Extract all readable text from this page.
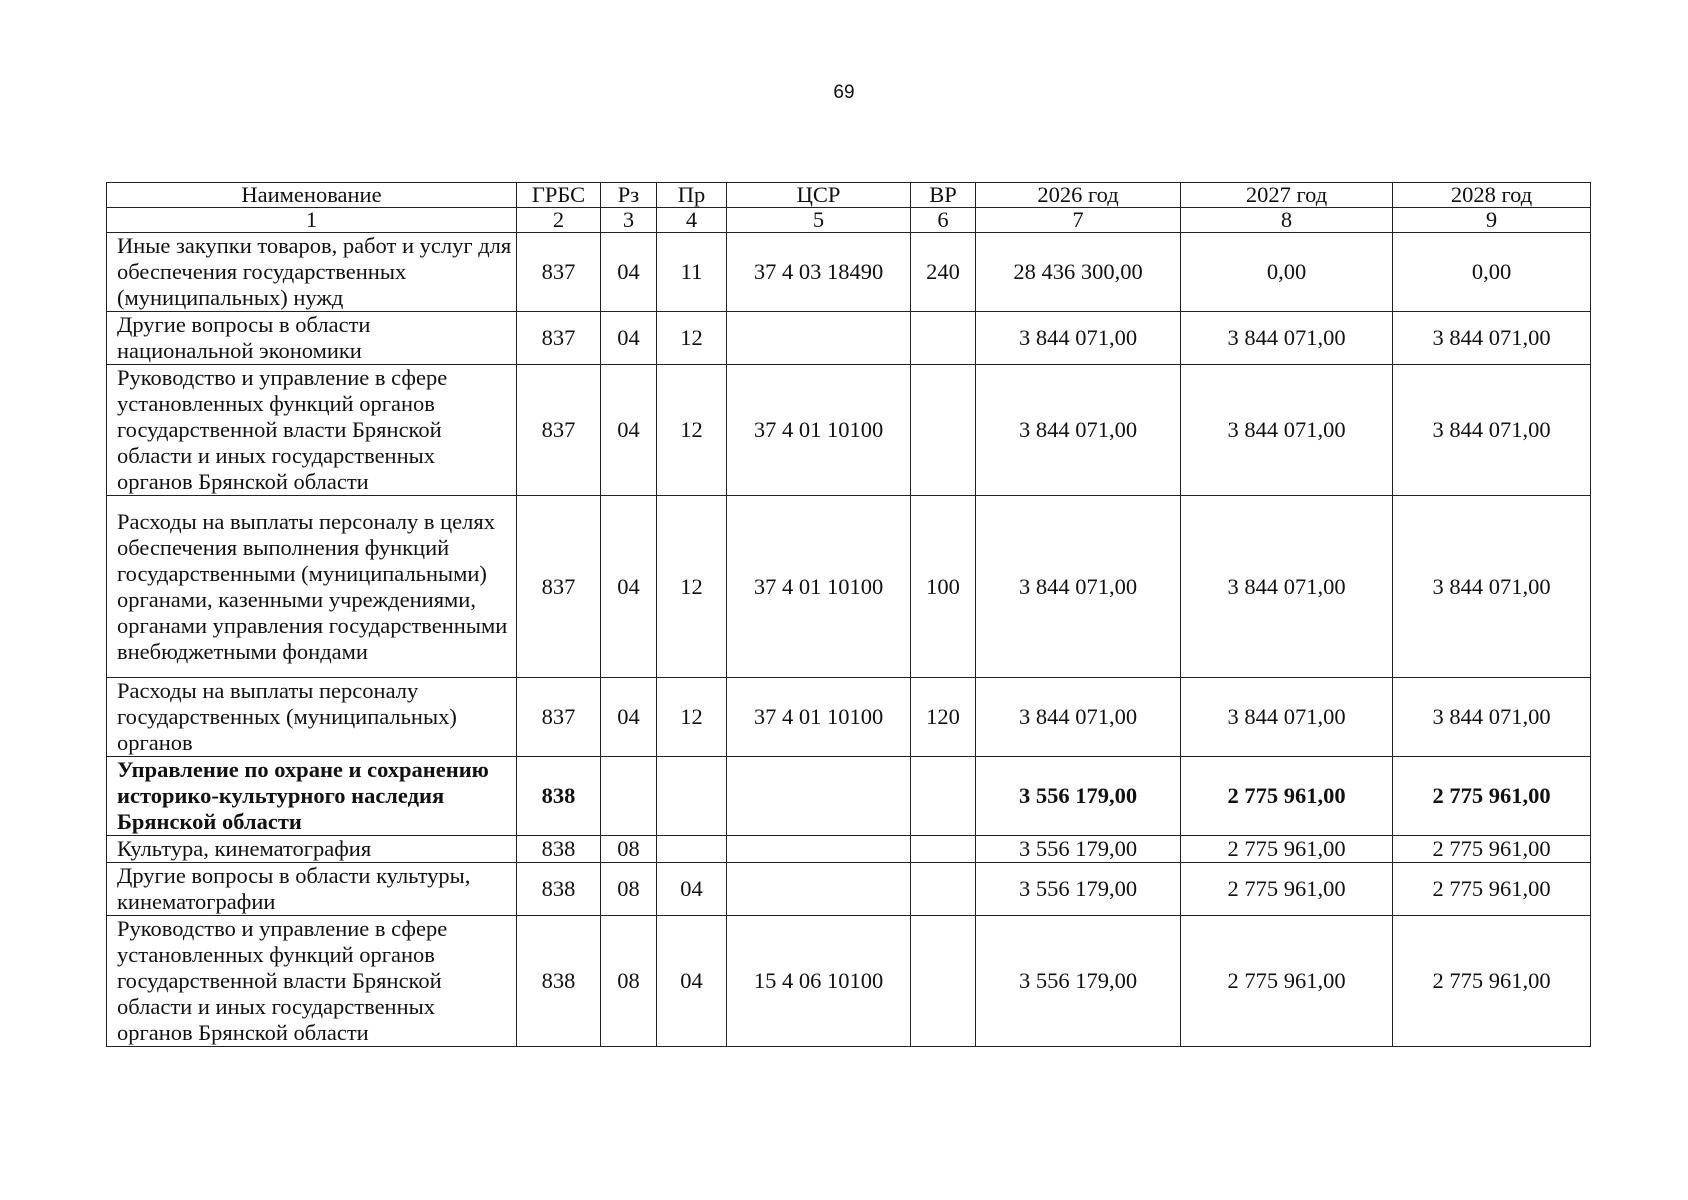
69
Наименование	ГРБС	Рз	Пр	ЦСР	ВР	2026 год	2027 год	2028 год
1	2	3	4	5	6	7	8	9
Иные закупки товаров, работ и услуг для обеспечения государственных (муниципальных) нужд	837	04	11	37 4 03 18490	240	28 436 300,00	0,00	0,00
Другие вопросы в области национальной экономики	837	04	12			3 844 071,00	3 844 071,00	3 844 071,00
Руководство и управление в сфере установленных функций органов государственной власти Брянской области и иных государственных органов Брянской области	837	04	12	37 4 01 10100		3 844 071,00	3 844 071,00	3 844 071,00
Расходы на выплаты персоналу в целях обеспечения выполнения функций государственными (муниципальными) органами, казенными учреждениями, органами управления государственными внебюджетными фондами	837	04	12	37 4 01 10100	100	3 844 071,00	3 844 071,00	3 844 071,00
Расходы на выплаты персоналу государственных (муниципальных) органов	837	04	12	37 4 01 10100	120	3 844 071,00	3 844 071,00	3 844 071,00
Управление по охране и сохранению историко-культурного наследия Брянской области	838					3 556 179,00	2 775 961,00	2 775 961,00
Культура, кинематография	838	08				3 556 179,00	2 775 961,00	2 775 961,00
Другие вопросы в области культуры, кинематографии	838	08	04			3 556 179,00	2 775 961,00	2 775 961,00
Руководство и управление в сфере установленных функций органов государственной власти Брянской области и иных государственных органов Брянской области	838	08	04	15 4 06 10100		3 556 179,00	2 775 961,00	2 775 961,00
